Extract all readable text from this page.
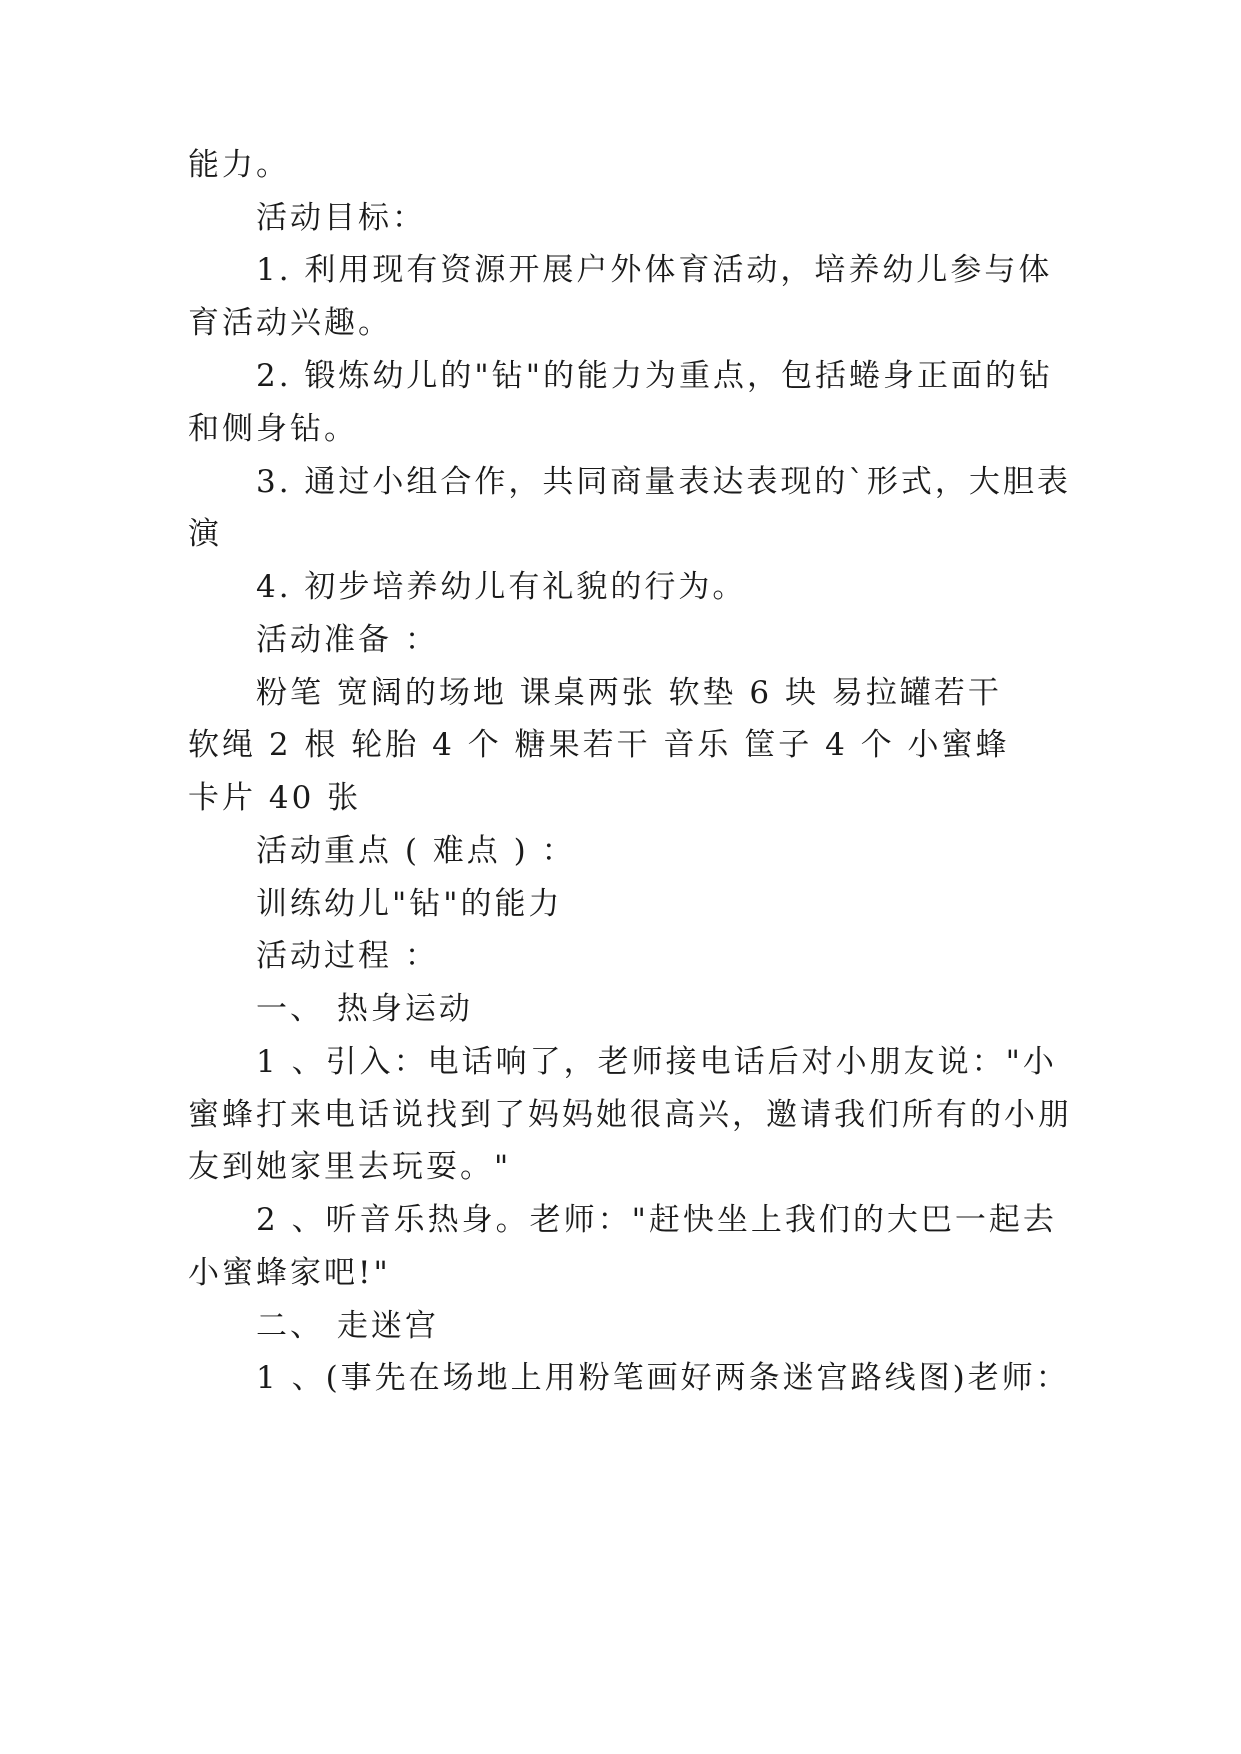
能力。
活动目标：
1. 利用现有资源开展户外体育活动，培养幼儿参与体
育活动兴趣。
2. 锻炼幼儿的"钻"的能力为重点，包括蜷身正面的钻
和侧身钻。
3. 通过小组合作，共同商量表达表现的`形式，大胆表
演
4. 初步培养幼儿有礼貌的行为。
活动准备 ：
粉笔 宽阔的场地 课桌两张 软垫 6 块 易拉罐若干
软绳 2 根 轮胎 4 个 糖果若干 音乐 筐子 4 个 小蜜蜂
卡片 40 张
活动重点 ( 难点 ) ：
训练幼儿"钻"的能力
活动过程 ：
一、 热身运动
1 、引入：电话响了，老师接电话后对小朋友说："小
蜜蜂打来电话说找到了妈妈她很高兴，邀请我们所有的小朋
友到她家里去玩耍。"
2 、听音乐热身。老师："赶快坐上我们的大巴一起去
小蜜蜂家吧!"
二、 走迷宫
1 、(事先在场地上用粉笔画好两条迷宫路线图)老师：
